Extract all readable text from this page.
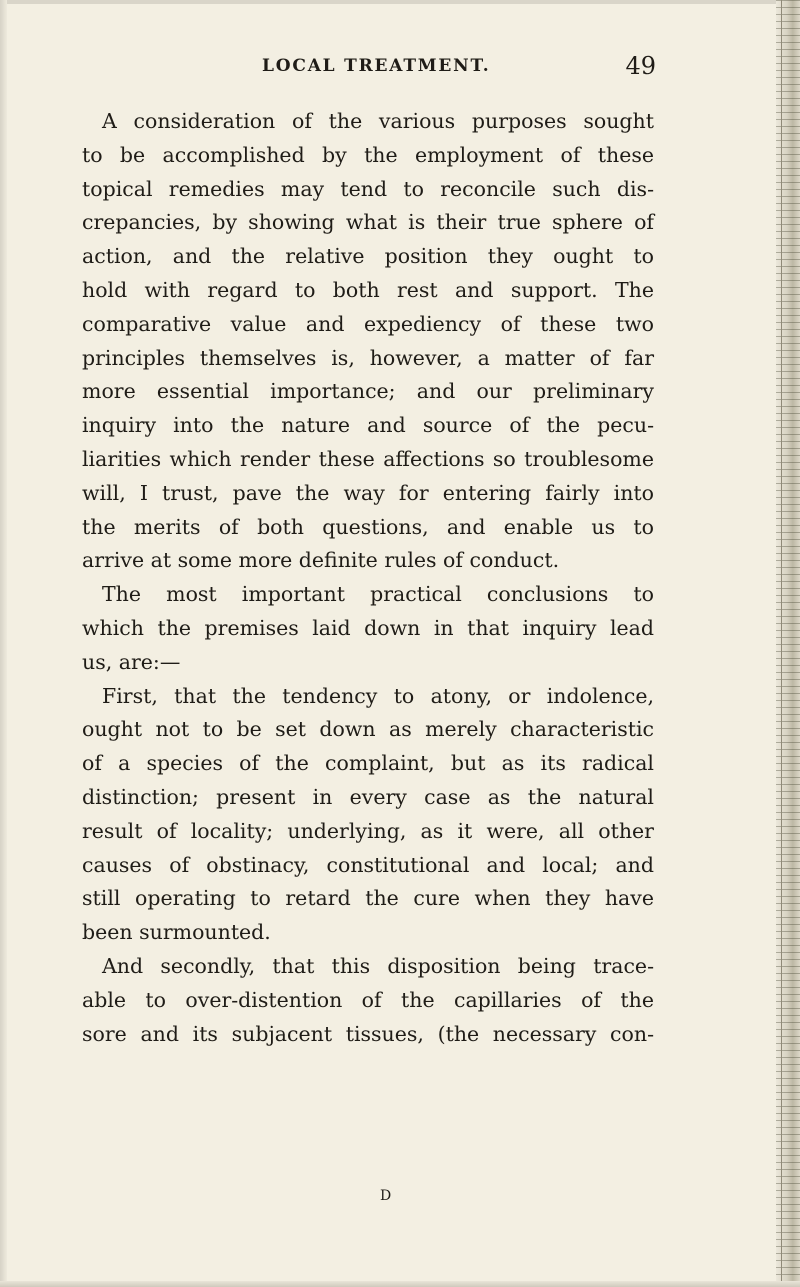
LOCAL TREATMENT.	49
A consideration of the various purposes sought
to be accomplished by the employment of these
topical remedies may tend to reconcile such dis-
crepancies, by showing what is their true sphere of
action, and the relative position they ought to
hold with regard to both rest and support. The
comparative value and expediency of these two
principles themselves is, however, a matter of far
more essential importance; and our preliminary
inquiry into the nature and source of the pecu-
liarities which render these affections so troublesome
will, I trust, pave the way for entering fairly into
the merits of both questions, and enable us to
arrive at some more definite rules of conduct.
The most important practical conclusions to
which the premises laid down in that inquiry lead
us, are:—
First, that the tendency to atony, or indolence,
ought not to be set down as merely characteristic
of a species of the complaint, but as its radical
distinction; present in every case as the natural
result of locality; underlying, as it were, all other
causes of obstinacy, constitutional and local; and
still operating to retard the cure when they have
been surmounted.
And secondly, that this disposition being trace-
able to over-distention of the capillaries of the
sore and its subjacent tissues, (the necessary con-
D
